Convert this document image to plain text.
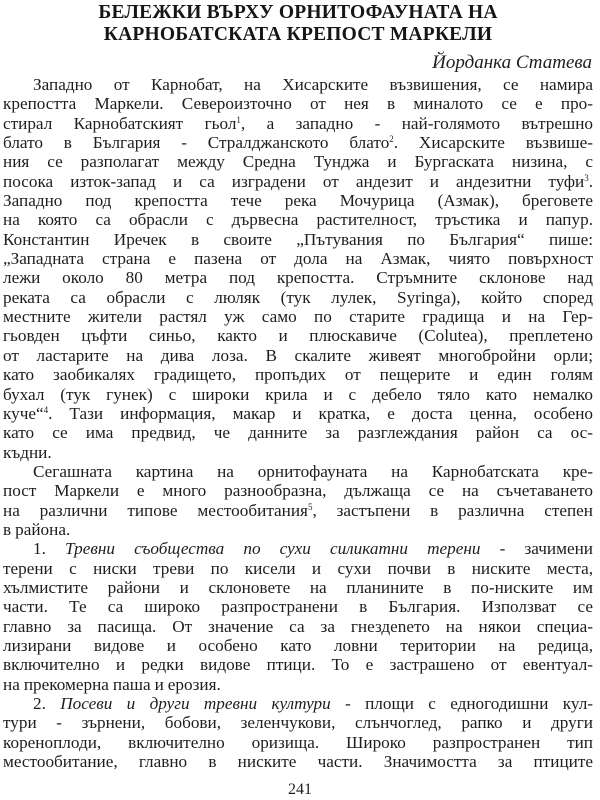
БЕЛЕЖКИ ВЪРХУ ОРНИТОФАУНАТА НА
КАРНОБАТСКАТА КРЕПОСТ МАРКЕЛИ
Йорданка Статева
Западно от Карнобат, на Хисарските възвишения, се намира
крепостта Маркели. Североизточно от нея в миналото се е про-
стирал Карнобатският гьол$^1$, а западно - най-голямото вътрешно
блато в България - Стралджанското блато$^2$. Хисарските възвише-
ния се разполагат между Средна Тунджа и Бургаската низина, с
посока изток-запад и са изградени от андезит и андезитни туфи$^3$.
Западно под крепостта тече река Мочурица (Азмак), бреговете
на която са обрасли с дървесна растителност, тръстика и папур.
Константин Иречек в своите „Пътувания по България“ пише:
„Западната страна е пазена от дола на Азмак, чиято повърхност
лежи около 80 метра под крепостта. Стръмните склонове над
реката са обрасли с люляк (тук лулек, Syringa), който според
местните жители растял уж само по старите градища и на Гер-
гьовден цъфти синьо, както и плюскавиче (Colutea), преплетено
от ластарите на дива лоза. В скалите живеят многобройни орли;
като заобикалях градището, пропъдих от пещерите и един голям
бухал (тук гунек) с широки крила и с дебело тяло като немалко
куче“$^4$. Тази информация, макар и кратка, е доста ценна, особено
като се има предвид, че данните за разглеждания район са ос-
къдни.
Сегашната картина на орнитофауната на Карнобатската кре-
пост Маркели е много разнообразна, дължаща се на съчетаването
на различни типове местообитания$^5$, застъпени в различна степен
в района.
1. Тревни съобщества по сухи силикатни терени - зачимени
терени с ниски треви по кисели и сухи почви в ниските места,
хълмистите райони и склоновете на планините в по-ниските им
части. Те са широко разпространени в България. Използват се
главно за пасища. От значение са за гнездenето на някои специа-
лизирани видове и особено като ловни територии на редица,
включително и редки видове птици. То е застрашено от евентуал-
на прекомерна паша и ерозия.
2. Посеви и други тревни култури - площи с едногодишни кул-
тури - зърнени, бобови, зеленчукови, слънчоглед, рапко и други
кореноплоди, включително оризища. Широко разпространен тип
местообитание, главно в ниските части. Значимостта за птиците
241
